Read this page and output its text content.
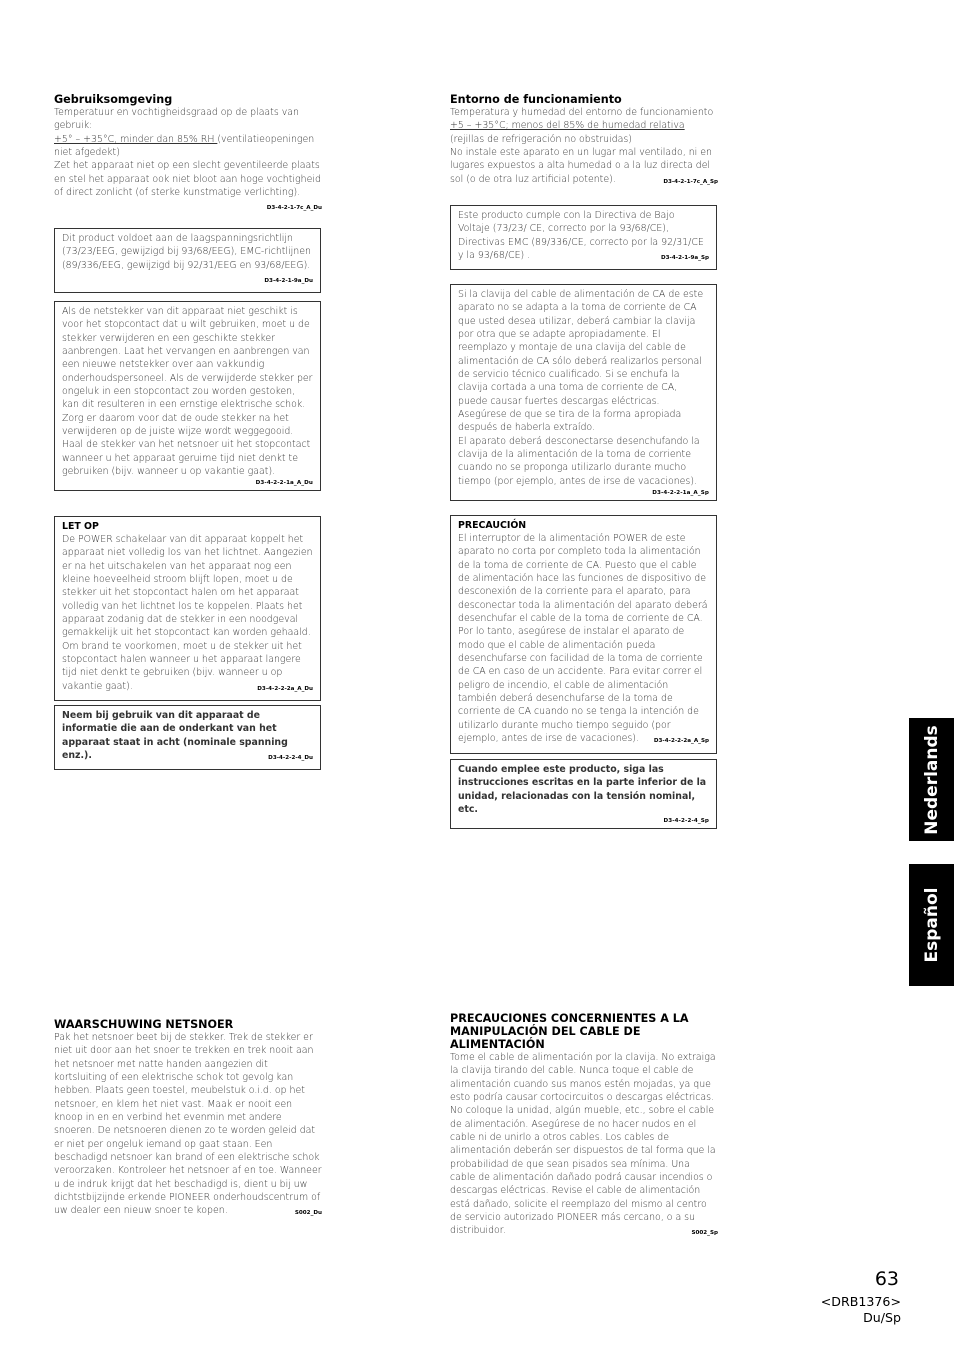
Gebruiksomgeving
Temperatuur en vochtigheidsgraad op de plaats van gebruik:
+5° – +35°C, minder dan 85% RH (ventilatieopeningen niet afgedekt)
Zet het apparaat niet op een slecht geventileerde plaats en stel het apparaat ook niet bloot aan hoge vochtigheid of direct zonlicht (of sterke kunstmatige verlichting).
D3-4-2-1-7c_A_Du
Dit product voldoet aan de laagspanningsrichtlijn (73/23/EEG, gewijzigd bij 93/68/EEG), EMC-richtlijnen (89/336/EEG, gewijzigd bij 92/31/EEG en 93/68/EEG).
D3-4-2-1-9a_Du
Als de netstekker van dit apparaat niet geschikt is voor het stopcontact dat u wilt gebruiken, moet u de stekker verwijderen en een geschikte stekker aanbrengen. Laat het vervangen en aanbrengen van een nieuwe netstekker over aan vakkundig onderhoudspersoneel. Als de verwijderde stekker per ongeluk in een stopcontact zou worden gestoken, kan dit resulteren in een ernstige elektrische schok. Zorg er daarom voor dat de oude stekker na het verwijderen op de juiste wijze wordt weggegooid.
Haal de stekker van het netsnoer uit het stopcontact wanneer u het apparaat geruime tijd niet denkt te gebruiken (bijv. wanneer u op vakantie gaat).
D3-4-2-2-1a_A_Du
LET OP
De POWER schakelaar van dit apparaat koppelt het apparaat niet volledig los van het lichtnet. Aangezien er na het uitschakelen van het apparaat nog een kleine hoeveelheid stroom blijft lopen, moet u de stekker uit het stopcontact halen om het apparaat volledig van het lichtnet los te koppelen. Plaats het apparaat zodanig dat de stekker in een noodgeval gemakkelijk uit het stopcontact kan worden gehaald. Om brand te voorkomen, moet u de stekker uit het stopcontact halen wanneer u het apparaat langere tijd niet denkt te gebruiken (bijv. wanneer u op vakantie gaat).	D3-4-2-2-2a_A_Du
Neem bij gebruik van dit apparaat de informatie die aan de onderkant van het apparaat staat in acht (nominale spanning enz.).	D3-4-2-2-4_Du
WAARSCHUWING NETSNOER
Pak het netsnoer beet bij de stekker. Trek de stekker er niet uit door aan het snoer te trekken en trek nooit aan het netsnoer met natte handen aangezien dit kortsluiting of een elektrische schok tot gevolg kan hebben. Plaats geen toestel, meubelstuk o.i.d. op het netsnoer, en klem het niet vast. Maak er nooit een knoop in en en verbind het evenmin met andere snoeren. De netsnoeren dienen zo te worden geleid dat er niet per ongeluk iemand op gaat staan. Een beschadigd netsnoer kan brand of een elektrische schok veroorzaken. Kontroleer het netsnoer af en toe. Wanneer u de indruk krijgt dat het beschadigd is, dient u bij uw dichtstbijzijnde erkende PIONEER onderhoudscentrum of uw dealer een nieuw snoer te kopen.	S002_Du
Entorno de funcionamiento
Temperatura y humedad del entorno de funcionamiento
+5 – +35°C; menos del 85% de humedad relativa
(rejillas de refrigeración no obstruidas)
No instale este aparato en un lugar mal ventilado, ni en lugares expuestos a alta humedad o a la luz directa del sol (o de otra luz artificial potente).	D3-4-2-1-7c_A_Sp
Este producto cumple con la Directiva de Bajo Voltaje (73/23/ CE, correcto por la 93/68/CE), Directivas EMC (89/336/CE, correcto por la 92/31/CE y la 93/68/CE) .	D3-4-2-1-9a_Sp
Si la clavija del cable de alimentación de CA de este aparato no se adapta a la toma de corriente de CA que usted desea utilizar, deberá cambiar la clavija por otra que se adapte apropiadamente. El reemplazo y montaje de una clavija del cable de alimentación de CA sólo deberá realizarlos personal de servicio técnico cualificado. Si se enchufa la clavija cortada a una toma de corriente de CA, puede causar fuertes descargas eléctricas. Asegúrese de que se tira de la forma apropiada después de haberla extraído.
El aparato deberá desconectarse desenchufando la clavija de la alimentación de la toma de corriente cuando no se proponga utilizarlo durante mucho tiempo (por ejemplo, antes de irse de vacaciones).
D3-4-2-2-1a_A_Sp
PRECAUCIÓN
El interruptor de la alimentación POWER de este aparato no corta por completo toda la alimentación de la toma de corriente de CA. Puesto que el cable de alimentación hace las funciones de dispositivo de desconexión de la corriente para el aparato, para desconectar toda la alimentación del aparato deberá desenchufar el cable de la toma de corriente de CA. Por lo tanto, asegúrese de instalar el aparato de modo que el cable de alimentación pueda desenchufarse con facilidad de la toma de corriente de CA en caso de un accidente. Para evitar correr el peligro de incendio, el cable de alimentación también deberá desenchufarse de la toma de corriente de CA cuando no se tenga la intención de utilizarlo durante mucho tiempo seguido (por ejemplo, antes de irse de vacaciones).	D3-4-2-2-2a_A_Sp
Cuando emplee este producto, siga las instrucciones escritas en la parte inferior de la unidad, relacionadas con la tensión nominal, etc.
D3-4-2-2-4_Sp
PRECAUCIONES CONCERNIENTES A LA MANIPULACIÓN DEL CABLE DE ALIMENTACIÓN
Tome el cable de alimentación por la clavija. No extraiga la clavija tirando del cable. Nunca toque el cable de alimentación cuando sus manos estén mojadas, ya que esto podría causar cortocircuitos o descargas eléctricas. No coloque la unidad, algún mueble, etc., sobre el cable de alimentación. Asegúrese de no hacer nudos en el cable ni de unirlo a otros cables. Los cables de alimentación deberán ser dispuestos de tal forma que la probabilidad de que sean pisados sea mínima. Una cable de alimentación dañado podrá causar incendios o descargas eléctricas. Revise el cable de alimentación está dañado, solicite el reemplazo del mismo al centro de servicio autorizado PIONEER más cercano, o a su distribuidor.	S002_Sp
Nederlands
Español
63
<DRB1376>
Du/Sp
